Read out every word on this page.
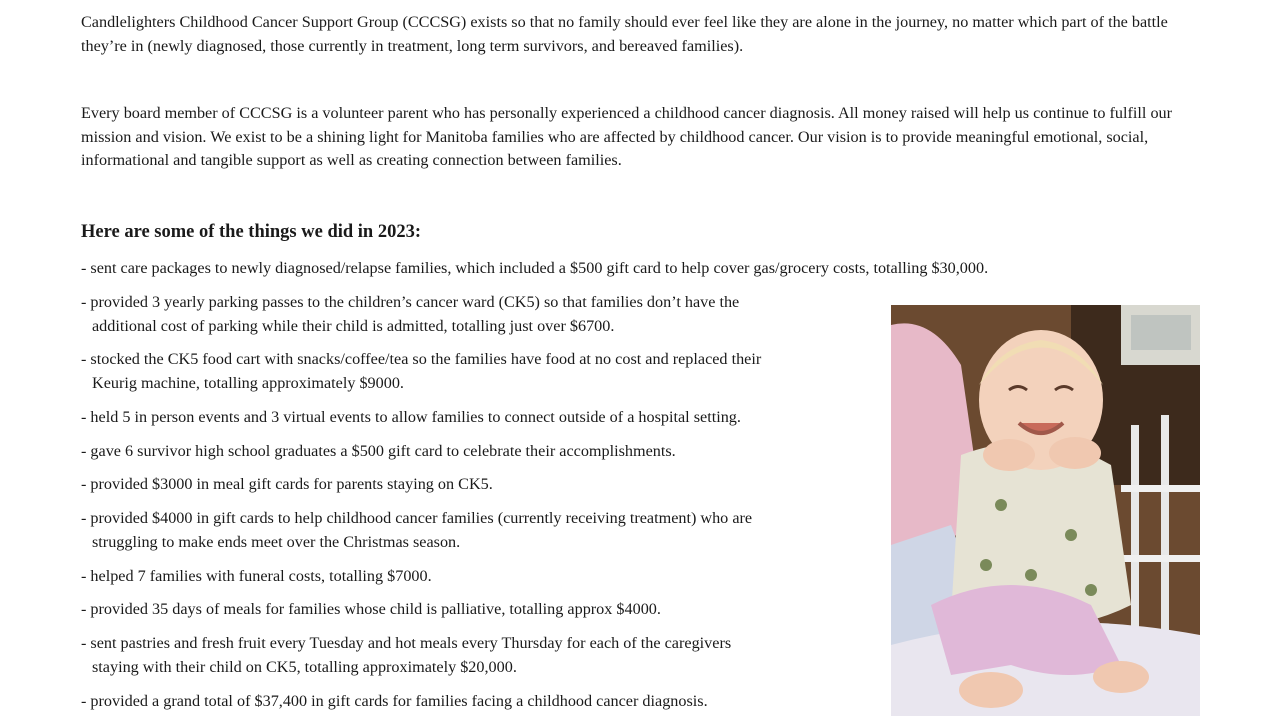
Candlelighters Childhood Cancer Support Group (CCCSG) exists so that no family should ever feel like they are alone in the journey, no matter which part of the battle they’re in (newly diagnosed, those currently in treatment, long term survivors, and bereaved families).

Every board member of CCCSG is a volunteer parent who has personally experienced a childhood cancer diagnosis. All money raised will help us continue to fulfill our mission and vision. We exist to be a shining light for Manitoba families who are affected by childhood cancer. Our vision is to provide meaningful emotional, social, informational and tangible support as well as creating connection between families.

Here are some of the things we did in 2023:

- sent care packages to newly diagnosed/relapse families, which included a $500 gift card to help cover gas/grocery costs, totalling $30,000.

- provided 3 yearly parking passes to the children’s cancer ward (CK5) so that families don’t have the
additional cost of parking while their child is admitted, totalling just over $6700.

- stocked the CK5 food cart with snacks/coffee/tea so the families have food at no cost and replaced their
Keurig machine, totalling approximately $9000.

- held 5 in person events and 3 virtual events to allow families to connect outside of a hospital setting.

- gave 6 survivor high school graduates a $500 gift card to celebrate their accomplishments.

- provided $3000 in meal gift cards for parents staying on CK5.

- provided $4000 in gift cards to help childhood cancer families (currently receiving treatment) who are
struggling to make ends meet over the Christmas season.

- helped 7 families with funeral costs, totalling $7000.

- provided 35 days of meals for families whose child is palliative, totalling approx $4000.

- sent pastries and fresh fruit every Tuesday and hot meals every Thursday for each of the caregivers
staying with their child on CK5, totalling approximately $20,000.

- provided a grand total of $37,400 in gift cards for families facing a childhood cancer diagnosis.
